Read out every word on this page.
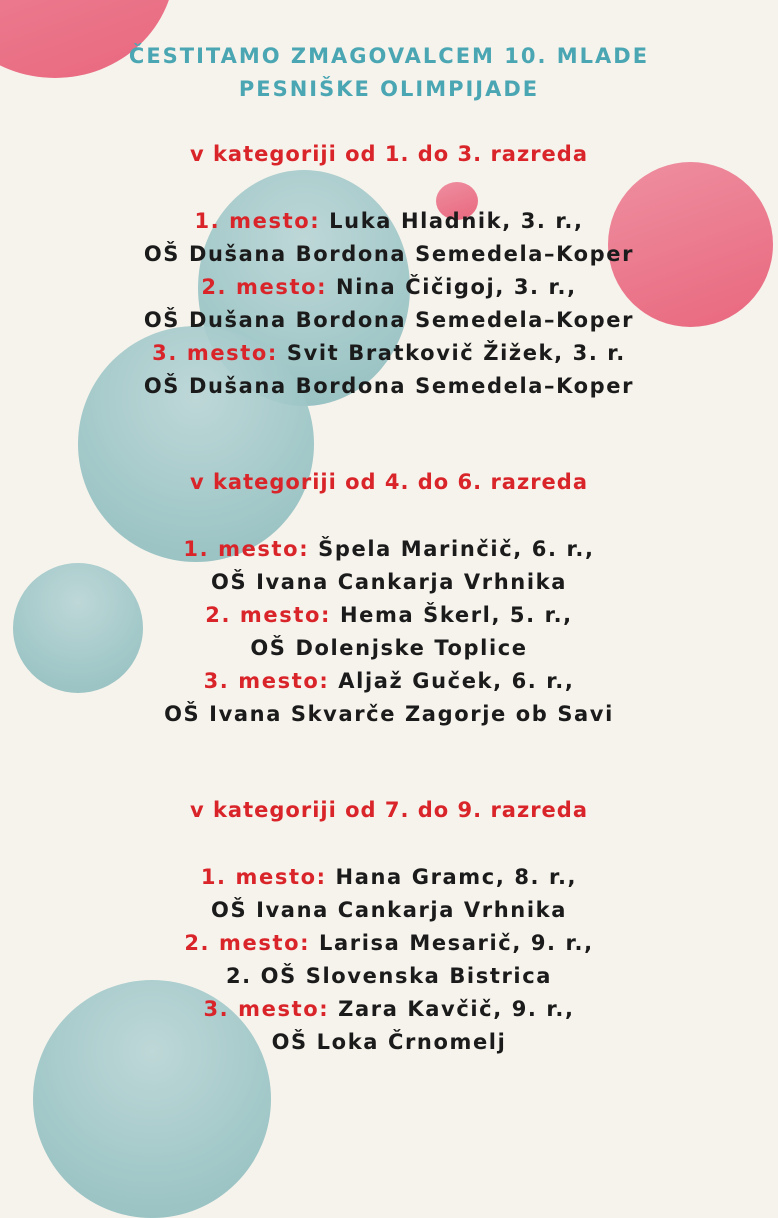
ČESTITAMO ZMAGOVALCEM 10. MLADE
PESNIŠKE OLIMPIJADE
v kategoriji od 1. do 3. razreda
1. mesto: Luka Hladnik, 3. r.,
OŠ Dušana Bordona Semedela–Koper
2. mesto: Nina Čičigoj, 3. r.,
OŠ Dušana Bordona Semedela–Koper
3. mesto: Svit Bratkovič Žižek, 3. r.
OŠ Dušana Bordona Semedela–Koper
v kategoriji od 4. do 6. razreda
1. mesto: Špela Marinčič, 6. r.,
OŠ Ivana Cankarja Vrhnika
2. mesto: Hema Škerl, 5. r.,
OŠ Dolenjske Toplice
3. mesto: Aljaž Guček, 6. r.,
OŠ Ivana Skvarče Zagorje ob Savi
v kategoriji od 7. do 9. razreda
1. mesto: Hana Gramc, 8. r.,
OŠ Ivana Cankarja Vrhnika
2. mesto: Larisa Mesarič, 9. r.,
2. OŠ Slovenska Bistrica
3. mesto: Zara Kavčič, 9. r.,
OŠ Loka Črnomelj
